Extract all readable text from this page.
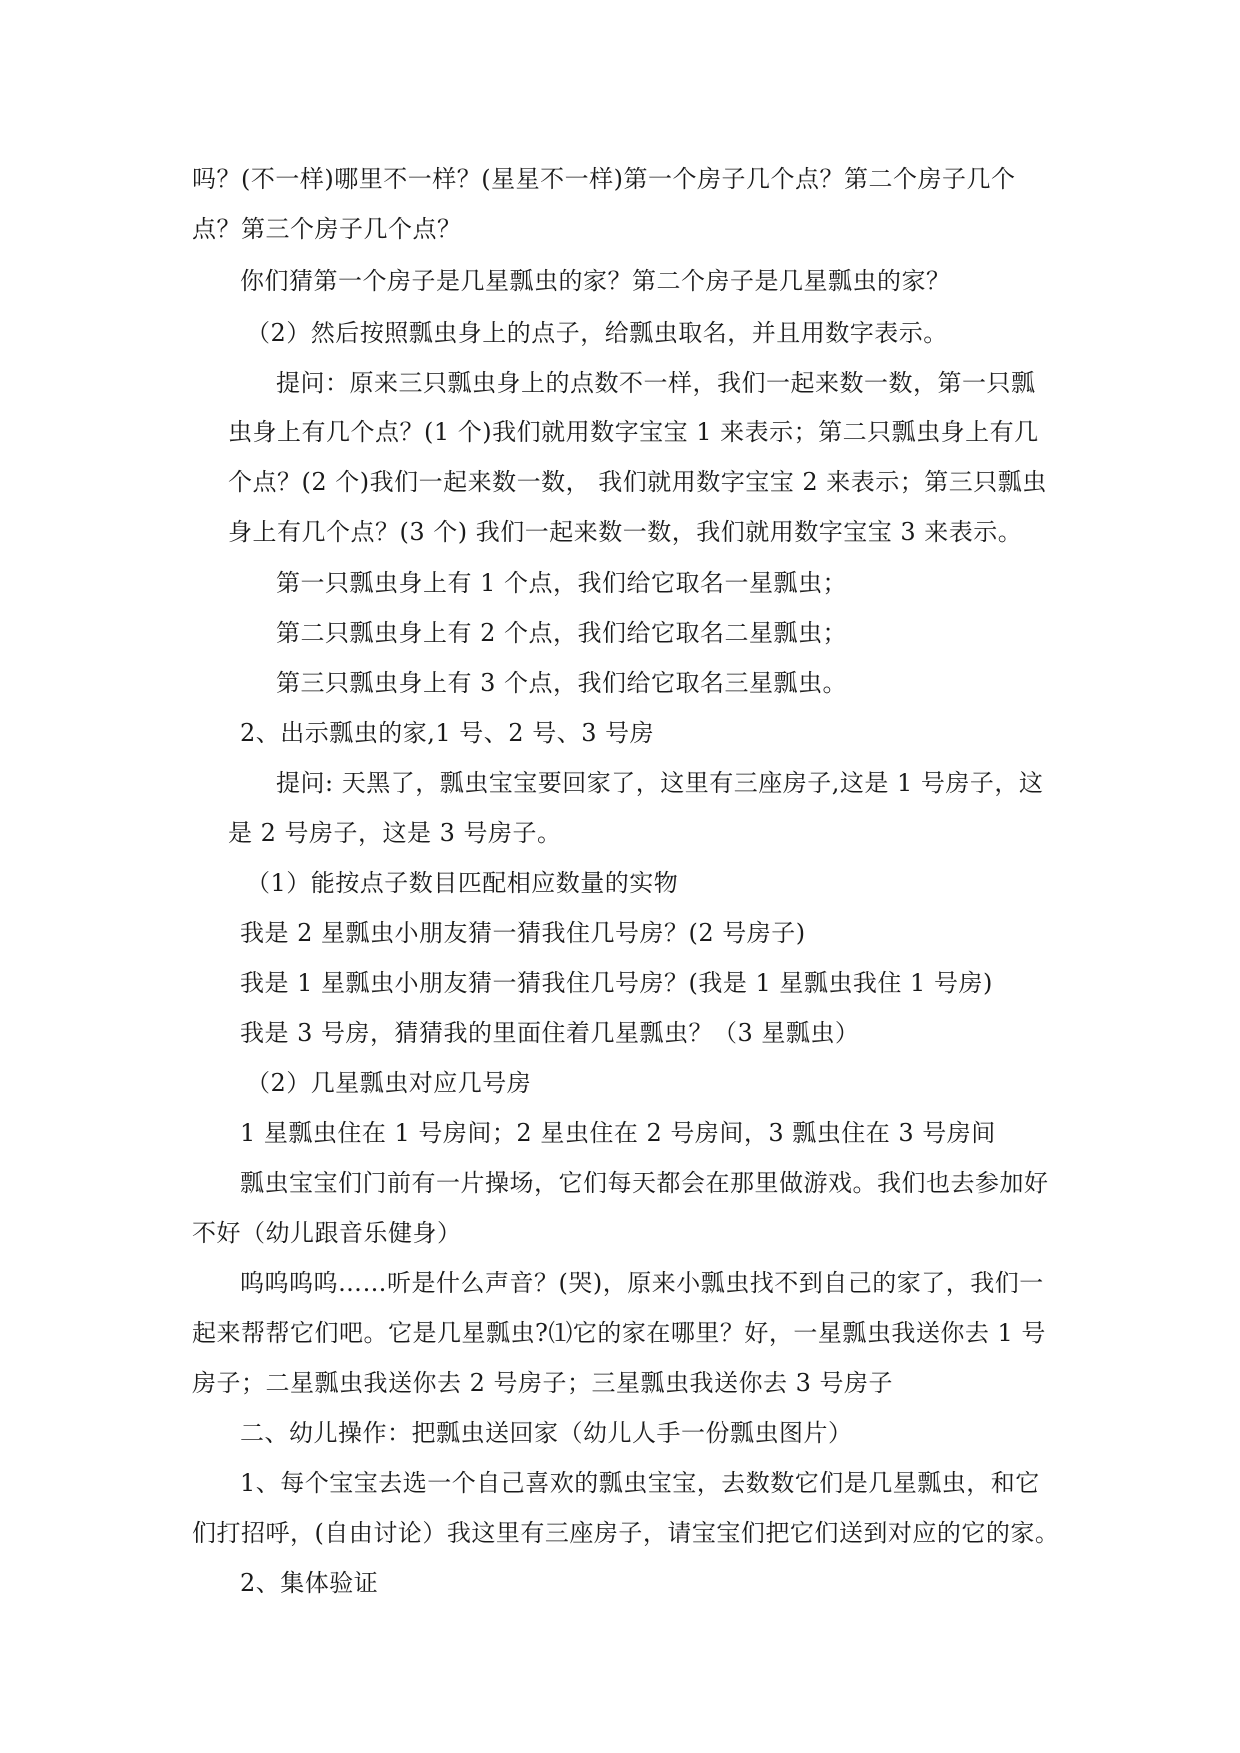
吗？(不一样)哪里不一样？(星星不一样)第一个房子几个点？第二个房子几个
点？第三个房子几个点？
你们猜第一个房子是几星瓢虫的家？第二个房子是几星瓢虫的家？
（2）然后按照瓢虫身上的点子，给瓢虫取名，并且用数字表示。
提问：原来三只瓢虫身上的点数不一样，我们一起来数一数，第一只瓢
虫身上有几个点？(1 个)我们就用数字宝宝 1 来表示；第二只瓢虫身上有几
个点？(2 个)我们一起来数一数， 我们就用数字宝宝 2 来表示；第三只瓢虫
身上有几个点？(3 个) 我们一起来数一数，我们就用数字宝宝 3 来表示。
第一只瓢虫身上有 1 个点，我们给它取名一星瓢虫；
第二只瓢虫身上有 2 个点，我们给它取名二星瓢虫；
第三只瓢虫身上有 3 个点，我们给它取名三星瓢虫。
2、出示瓢虫的家,1 号、2 号、3 号房
提问: 天黑了，瓢虫宝宝要回家了，这里有三座房子,这是 1 号房子，这
是 2 号房子，这是 3 号房子。
（1）能按点子数目匹配相应数量的实物
我是 2 星瓢虫小朋友猜一猜我住几号房？(2 号房子)
我是 1 星瓢虫小朋友猜一猜我住几号房？(我是 1 星瓢虫我住 1 号房)
我是 3 号房，猜猜我的里面住着几星瓢虫？（3 星瓢虫）
（2）几星瓢虫对应几号房
1 星瓢虫住在 1 号房间；2 星虫住在 2 号房间，3 瓢虫住在 3 号房间
瓢虫宝宝们门前有一片操场，它们每天都会在那里做游戏。我们也去参加好
不好（幼儿跟音乐健身）
呜呜呜呜……听是什么声音？(哭)，原来小瓢虫找不到自己的家了，我们一
起来帮帮它们吧。它是几星瓢虫?⑴它的家在哪里？好，一星瓢虫我送你去 1 号
房子；二星瓢虫我送你去 2 号房子；三星瓢虫我送你去 3 号房子
二、幼儿操作：把瓢虫送回家（幼儿人手一份瓢虫图片）
1、每个宝宝去选一个自己喜欢的瓢虫宝宝，去数数它们是几星瓢虫，和它
们打招呼，(自由讨论）我这里有三座房子，请宝宝们把它们送到对应的它的家。
2、集体验证
